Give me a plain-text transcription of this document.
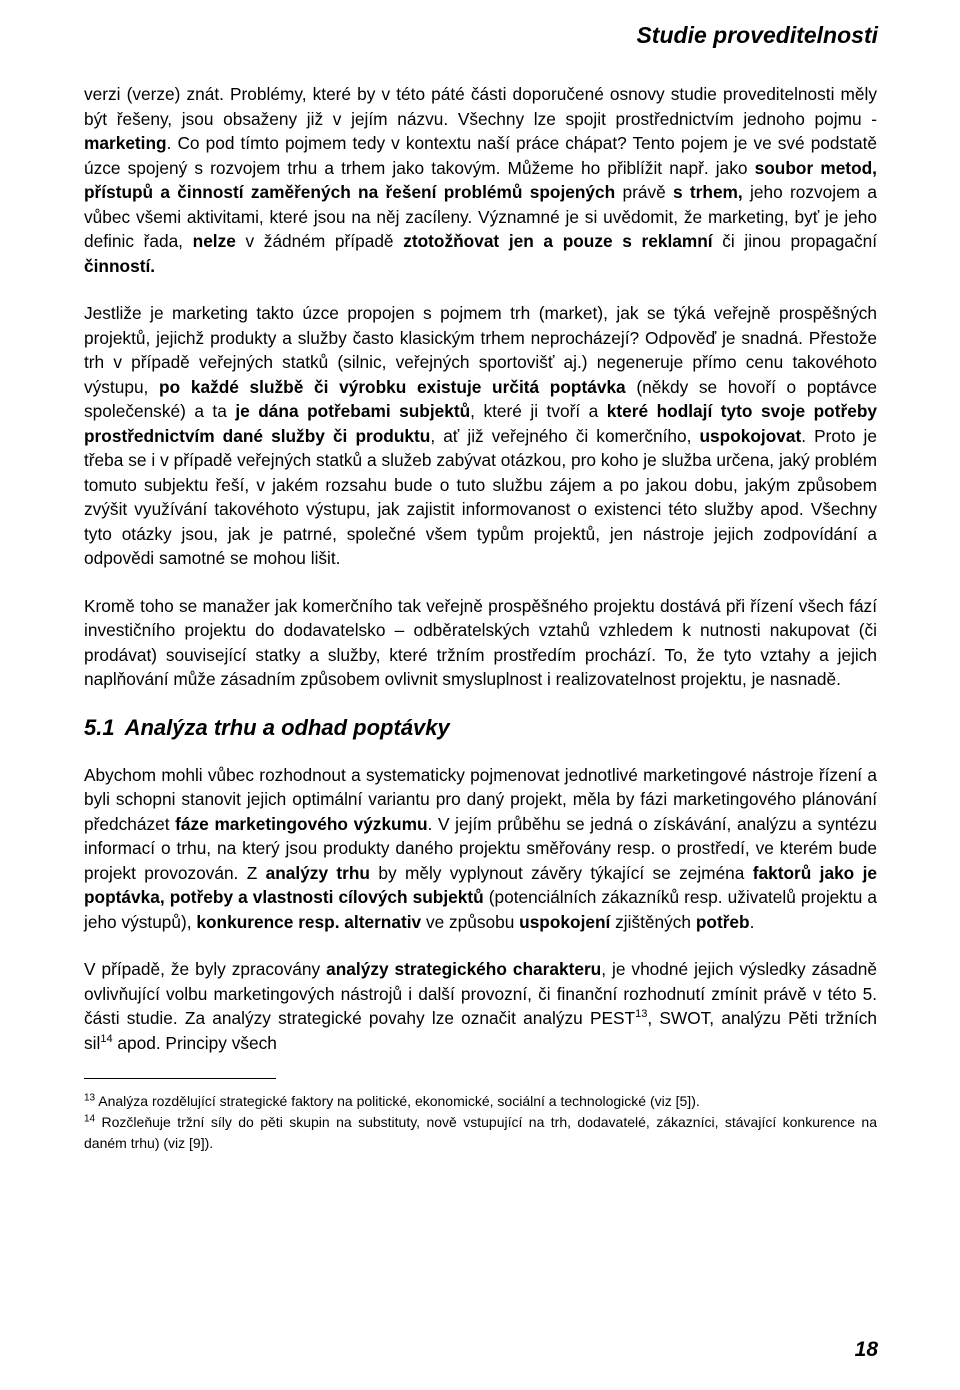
Studie proveditelnosti

verzi (verze) znát. Problémy, které by v této páté části doporučené osnovy studie proveditelnosti měly být řešeny, jsou obsaženy již v jejím názvu. Všechny lze spojit prostřednictvím jednoho pojmu - marketing. Co pod tímto pojmem tedy v kontextu naší práce chápat? Tento pojem je ve své podstatě úzce spojený s rozvojem trhu a trhem jako takovým. Můžeme ho přiblížit např. jako soubor metod, přístupů a činností zaměřených na řešení problémů spojených právě s trhem, jeho rozvojem a vůbec všemi aktivitami, které jsou na něj zacíleny. Významné je si uvědomit, že marketing, byť je jeho definic řada, nelze v žádném případě ztotožňovat jen a pouze s reklamní či jinou propagační činností.

Jestliže je marketing takto úzce propojen s pojmem trh (market), jak se týká veřejně prospěšných projektů, jejichž produkty a služby často klasickým trhem neprocházejí? Odpověď je snadná. Přestože trh v případě veřejných statků (silnic, veřejných sportovišť aj.) negeneruje přímo cenu takovéhoto výstupu, po každé službě či výrobku existuje určitá poptávka (někdy se hovoří o poptávce společenské) a ta je dána potřebami subjektů, které ji tvoří a které hodlají tyto svoje potřeby prostřednictvím dané služby či produktu, ať již veřejného či komerčního, uspokojovat. Proto je třeba se i v případě veřejných statků a služeb zabývat otázkou, pro koho je služba určena, jaký problém tomuto subjektu řeší, v jakém rozsahu bude o tuto službu zájem a po jakou dobu, jakým způsobem zvýšit využívání takovéhoto výstupu, jak zajistit informovanost o existenci této služby apod. Všechny tyto otázky jsou, jak je patrné, společné všem typům projektů, jen nástroje jejich zodpovídání a odpovědi samotné se mohou lišit.

Kromě toho se manažer jak komerčního tak veřejně prospěšného projektu dostává při řízení všech fází investičního projektu do dodavatelsko – odběratelských vztahů vzhledem k nutnosti nakupovat (či prodávat) související statky a služby, které tržním prostředím prochází. To, že tyto vztahy a jejich naplňování může zásadním způsobem ovlivnit smysluplnost i realizovatelnost projektu, je nasnadě.

5.1 Analýza trhu a odhad poptávky

Abychom mohli vůbec rozhodnout a systematicky pojmenovat jednotlivé marketingové nástroje řízení a byli schopni stanovit jejich optimální variantu pro daný projekt, měla by fázi marketingového plánování předcházet fáze marketingového výzkumu. V jejím průběhu se jedná o získávání, analýzu a syntézu informací o trhu, na který jsou produkty daného projektu směřovány resp. o prostředí, ve kterém bude projekt provozován. Z analýzy trhu by měly vyplynout závěry týkající se zejména faktorů jako je poptávka, potřeby a vlastnosti cílových subjektů (potenciálních zákazníků resp. uživatelů projektu a jeho výstupů), konkurence resp. alternativ ve způsobu uspokojení zjištěných potřeb.

V případě, že byly zpracovány analýzy strategického charakteru, je vhodné jejich výsledky zásadně ovlivňující volbu marketingových nástrojů i další provozní, či finanční rozhodnutí zmínit právě v této 5. části studie. Za analýzy strategické povahy lze označit analýzu PEST$^{13}$, SWOT, analýzu Pěti tržních sil$^{14}$ apod. Principy všech

$^{13}$ Analýza rozdělující strategické faktory na politické, ekonomické, sociální a technologické (viz [5]).

$^{14}$ Rozčleňuje tržní síly do pěti skupin na substituty, nově vstupující na trh, dodavatelé, zákazníci, stávající konkurence na daném trhu) (viz [9]).

18
